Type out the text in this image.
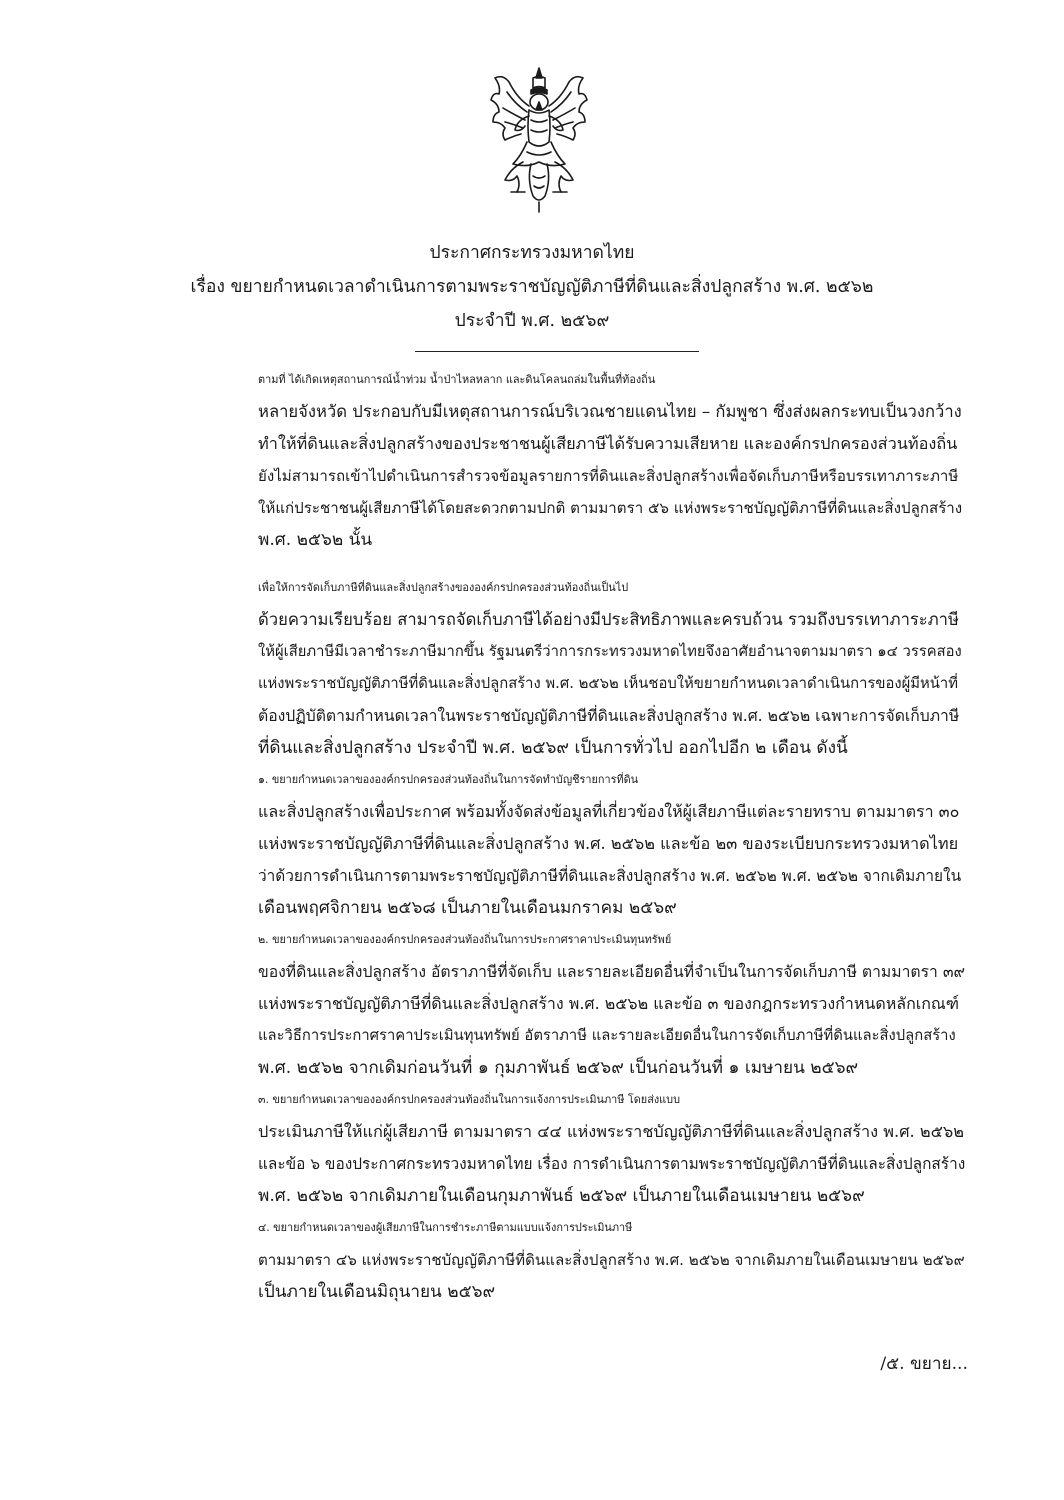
ประกาศกระทรวงมหาดไทย
เรื่อง ขยายกำหนดเวลาดำเนินการตามพระราชบัญญัติภาษีที่ดินและสิ่งปลูกสร้าง พ.ศ. ๒๕๖๒
ประจำปี พ.ศ. ๒๕๖๙

ตามที่ ได้เกิดเหตุสถานการณ์น้ำท่วม น้ำป่าไหลหลาก และดินโคลนถล่มในพื้นที่ท้องถิ่น
หลายจังหวัด ประกอบกับมีเหตุสถานการณ์บริเวณชายแดนไทย – กัมพูชา ซึ่งส่งผลกระทบเป็นวงกว้าง
ทำให้ที่ดินและสิ่งปลูกสร้างของประชาชนผู้เสียภาษีได้รับความเสียหาย และองค์กรปกครองส่วนท้องถิ่น
ยังไม่สามารถเข้าไปดำเนินการสำรวจข้อมูลรายการที่ดินและสิ่งปลูกสร้างเพื่อจัดเก็บภาษีหรือบรรเทาภาระภาษี
ให้แก่ประชาชนผู้เสียภาษีได้โดยสะดวกตามปกติ ตามมาตรา ๕๖ แห่งพระราชบัญญัติภาษีที่ดินและสิ่งปลูกสร้าง
พ.ศ. ๒๕๖๒ นั้น

เพื่อให้การจัดเก็บภาษีที่ดินและสิ่งปลูกสร้างขององค์กรปกครองส่วนท้องถิ่นเป็นไป
ด้วยความเรียบร้อย สามารถจัดเก็บภาษีได้อย่างมีประสิทธิภาพและครบถ้วน รวมถึงบรรเทาภาระภาษี
ให้ผู้เสียภาษีมีเวลาชำระภาษีมากขึ้น รัฐมนตรีว่าการกระทรวงมหาดไทยจึงอาศัยอำนาจตามมาตรา ๑๔ วรรคสอง
แห่งพระราชบัญญัติภาษีที่ดินและสิ่งปลูกสร้าง พ.ศ. ๒๕๖๒ เห็นชอบให้ขยายกำหนดเวลาดำเนินการของผู้มีหน้าที่
ต้องปฏิบัติตามกำหนดเวลาในพระราชบัญญัติภาษีที่ดินและสิ่งปลูกสร้าง พ.ศ. ๒๕๖๒ เฉพาะการจัดเก็บภาษี
ที่ดินและสิ่งปลูกสร้าง ประจำปี พ.ศ. ๒๕๖๙ เป็นการทั่วไป ออกไปอีก ๒ เดือน ดังนี้

๑. ขยายกำหนดเวลาขององค์กรปกครองส่วนท้องถิ่นในการจัดทำบัญชีรายการที่ดิน
และสิ่งปลูกสร้างเพื่อประกาศ พร้อมทั้งจัดส่งข้อมูลที่เกี่ยวข้องให้ผู้เสียภาษีแต่ละรายทราบ ตามมาตรา ๓๐
แห่งพระราชบัญญัติภาษีที่ดินและสิ่งปลูกสร้าง พ.ศ. ๒๕๖๒ และข้อ ๒๓ ของระเบียบกระทรวงมหาดไทย
ว่าด้วยการดำเนินการตามพระราชบัญญัติภาษีที่ดินและสิ่งปลูกสร้าง พ.ศ. ๒๕๖๒ พ.ศ. ๒๕๖๒ จากเดิมภายใน
เดือนพฤศจิกายน ๒๕๖๘ เป็นภายในเดือนมกราคม ๒๕๖๙

๒. ขยายกำหนดเวลาขององค์กรปกครองส่วนท้องถิ่นในการประกาศราคาประเมินทุนทรัพย์
ของที่ดินและสิ่งปลูกสร้าง อัตราภาษีที่จัดเก็บ และรายละเอียดอื่นที่จำเป็นในการจัดเก็บภาษี ตามมาตรา ๓๙
แห่งพระราชบัญญัติภาษีที่ดินและสิ่งปลูกสร้าง พ.ศ. ๒๕๖๒ และข้อ ๓ ของกฎกระทรวงกำหนดหลักเกณฑ์
และวิธีการประกาศราคาประเมินทุนทรัพย์ อัตราภาษี และรายละเอียดอื่นในการจัดเก็บภาษีที่ดินและสิ่งปลูกสร้าง
พ.ศ. ๒๕๖๒ จากเดิมก่อนวันที่ ๑ กุมภาพันธ์ ๒๕๖๙ เป็นก่อนวันที่ ๑ เมษายน ๒๕๖๙

๓. ขยายกำหนดเวลาขององค์กรปกครองส่วนท้องถิ่นในการแจ้งการประเมินภาษี โดยส่งแบบ
ประเมินภาษีให้แก่ผู้เสียภาษี ตามมาตรา ๔๔ แห่งพระราชบัญญัติภาษีที่ดินและสิ่งปลูกสร้าง พ.ศ. ๒๕๖๒
และข้อ ๖ ของประกาศกระทรวงมหาดไทย เรื่อง การดำเนินการตามพระราชบัญญัติภาษีที่ดินและสิ่งปลูกสร้าง
พ.ศ. ๒๕๖๒ จากเดิมภายในเดือนกุมภาพันธ์ ๒๕๖๙ เป็นภายในเดือนเมษายน ๒๕๖๙

๔. ขยายกำหนดเวลาของผู้เสียภาษีในการชำระภาษีตามแบบแจ้งการประเมินภาษี
ตามมาตรา ๔๖ แห่งพระราชบัญญัติภาษีที่ดินและสิ่งปลูกสร้าง พ.ศ. ๒๕๖๒ จากเดิมภายในเดือนเมษายน ๒๕๖๙
เป็นภายในเดือนมิถุนายน ๒๕๖๙

/๕. ขยาย...
